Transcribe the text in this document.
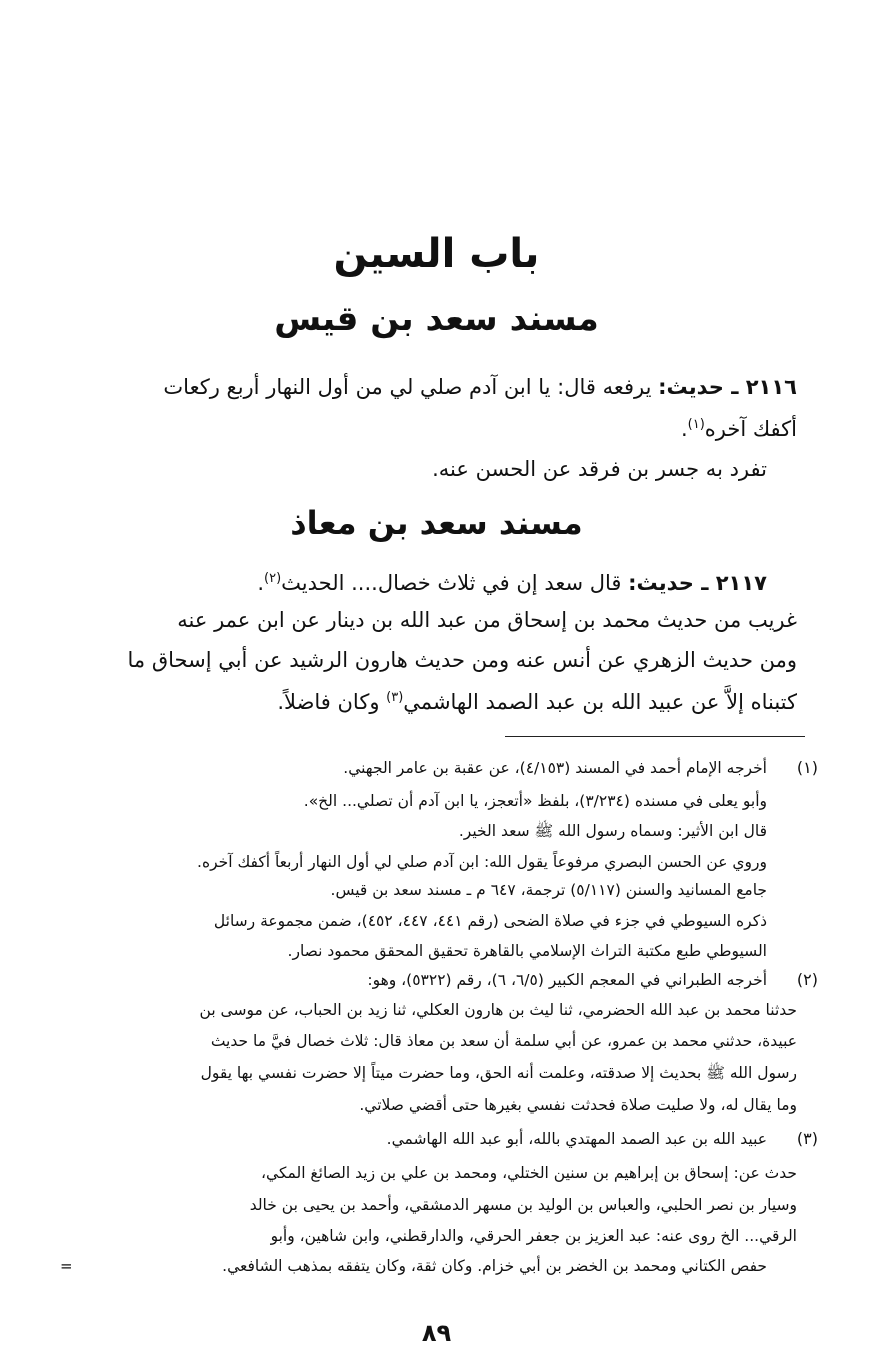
باب السين
مسند سعد بن قيس
٢١١٦ ـ حديث: يرفعه قال: يا ابن آدم صلي لي من أول النهار أربع ركعات
أكفك آخره$^{(١)}$.
تفرد به جسر بن فرقد عن الحسن عنه.
مسند سعد بن معاذ
٢١١٧ ـ حديث: قال سعد إن في ثلاث خصال.... الحديث$^{(٢)}$.
غريب من حديث محمد بن إسحاق من عبد الله بن دينار عن ابن عمر عنه
ومن حديث الزهري عن أنس عنه ومن حديث هارون الرشيد عن أبي إسحاق ما
كتبناه إلاَّ عن عبيد الله بن عبد الصمد الهاشمي$^{(٣)}$ وكان فاضلاً.
(١)
أخرجه الإمام أحمد في المسند (٤/١٥٣)، عن عقبة بن عامر الجهني.
وأبو يعلى في مسنده (٣/٢٣٤)، بلفظ «أتعجز، يا ابن آدم أن تصلي... الخ».
قال ابن الأثير: وسماه رسول الله ﷺ سعد الخير.
وروي عن الحسن البصري مرفوعاً يقول الله: ابن آدم صلي لي أول النهار أربعاً أكفك آخره.
جامع المسانيد والسنن (٥/١١٧) ترجمة، ٦٤٧ م ـ مسند سعد بن قيس.
ذكره السيوطي في جزء في صلاة الضحى (رقم ٤٤١، ٤٤٧، ٤٥٢)، ضمن مجموعة رسائل
السيوطي طبع مكتبة التراث الإسلامي بالقاهرة تحقيق المحقق محمود نصار.
(٢)
أخرجه الطبراني في المعجم الكبير (٦/٥، ٦)، رقم (٥٣٢٢)، وهو:
حدثنا محمد بن عبد الله الحضرمي، ثنا ليث بن هارون العكلي، ثنا زيد بن الحباب، عن موسى بن
عبيدة، حدثني محمد بن عمرو، عن أبي سلمة أن سعد بن معاذ قال: ثلاث خصال فيَّ ما حديث
رسول الله ﷺ بحديث إلا صدقته، وعلمت أنه الحق، وما حضرت ميتاً إلا حضرت نفسي بها يقول
وما يقال له، ولا صليت صلاة فحدثت نفسي بغيرها حتى أقضي صلاتي.
(٣)
عبيد الله بن عبد الصمد المهتدي بالله، أبو عبد الله الهاشمي.
حدث عن: إسحاق بن إبراهيم بن سنين الختلي، ومحمد بن علي بن زيد الصائغ المكي،
وسيار بن نصر الحلبي، والعباس بن الوليد بن مسهر الدمشقي، وأحمد بن يحيى بن خالد
الرقي... الخ روى عنه: عبد العزيز بن جعفر الحرقي، والدارقطني، وابن شاهين، وأبو
حفص الكتاني ومحمد بن الخضر بن أبي خزام. وكان ثقة، وكان يتفقه بمذهب الشافعي.
=
٨٩
